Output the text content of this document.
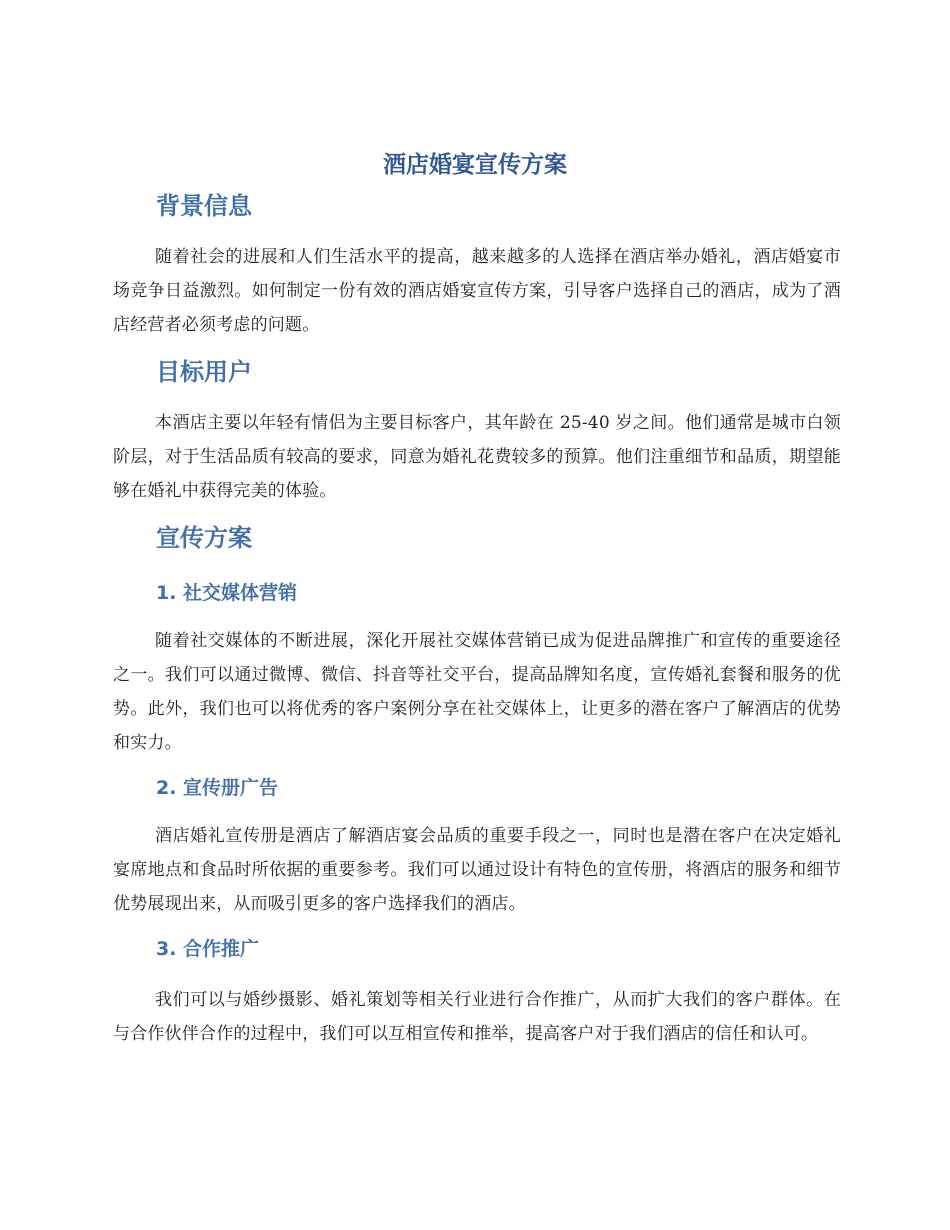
酒店婚宴宣传方案
背景信息
随着社会的进展和人们生活水平的提高，越来越多的人选择在酒店举办婚礼，酒店婚宴市场竞争日益激烈。如何制定一份有效的酒店婚宴宣传方案，引导客户选择自己的酒店，成为了酒店经营者必须考虑的问题。
目标用户
本酒店主要以年轻有情侣为主要目标客户，其年龄在 25-40 岁之间。他们通常是城市白领阶层，对于生活品质有较高的要求，同意为婚礼花费较多的预算。他们注重细节和品质，期望能够在婚礼中获得完美的体验。
宣传方案
1. 社交媒体营销
随着社交媒体的不断进展，深化开展社交媒体营销已成为促进品牌推广和宣传的重要途径之一。我们可以通过微博、微信、抖音等社交平台，提高品牌知名度，宣传婚礼套餐和服务的优势。此外，我们也可以将优秀的客户案例分享在社交媒体上，让更多的潜在客户了解酒店的优势和实力。
2. 宣传册广告
酒店婚礼宣传册是酒店了解酒店宴会品质的重要手段之一，同时也是潜在客户在决定婚礼宴席地点和食品时所依据的重要参考。我们可以通过设计有特色的宣传册，将酒店的服务和细节优势展现出来，从而吸引更多的客户选择我们的酒店。
3. 合作推广
我们可以与婚纱摄影、婚礼策划等相关行业进行合作推广，从而扩大我们的客户群体。在与合作伙伴合作的过程中，我们可以互相宣传和推举，提高客户对于我们酒店的信任和认可。
